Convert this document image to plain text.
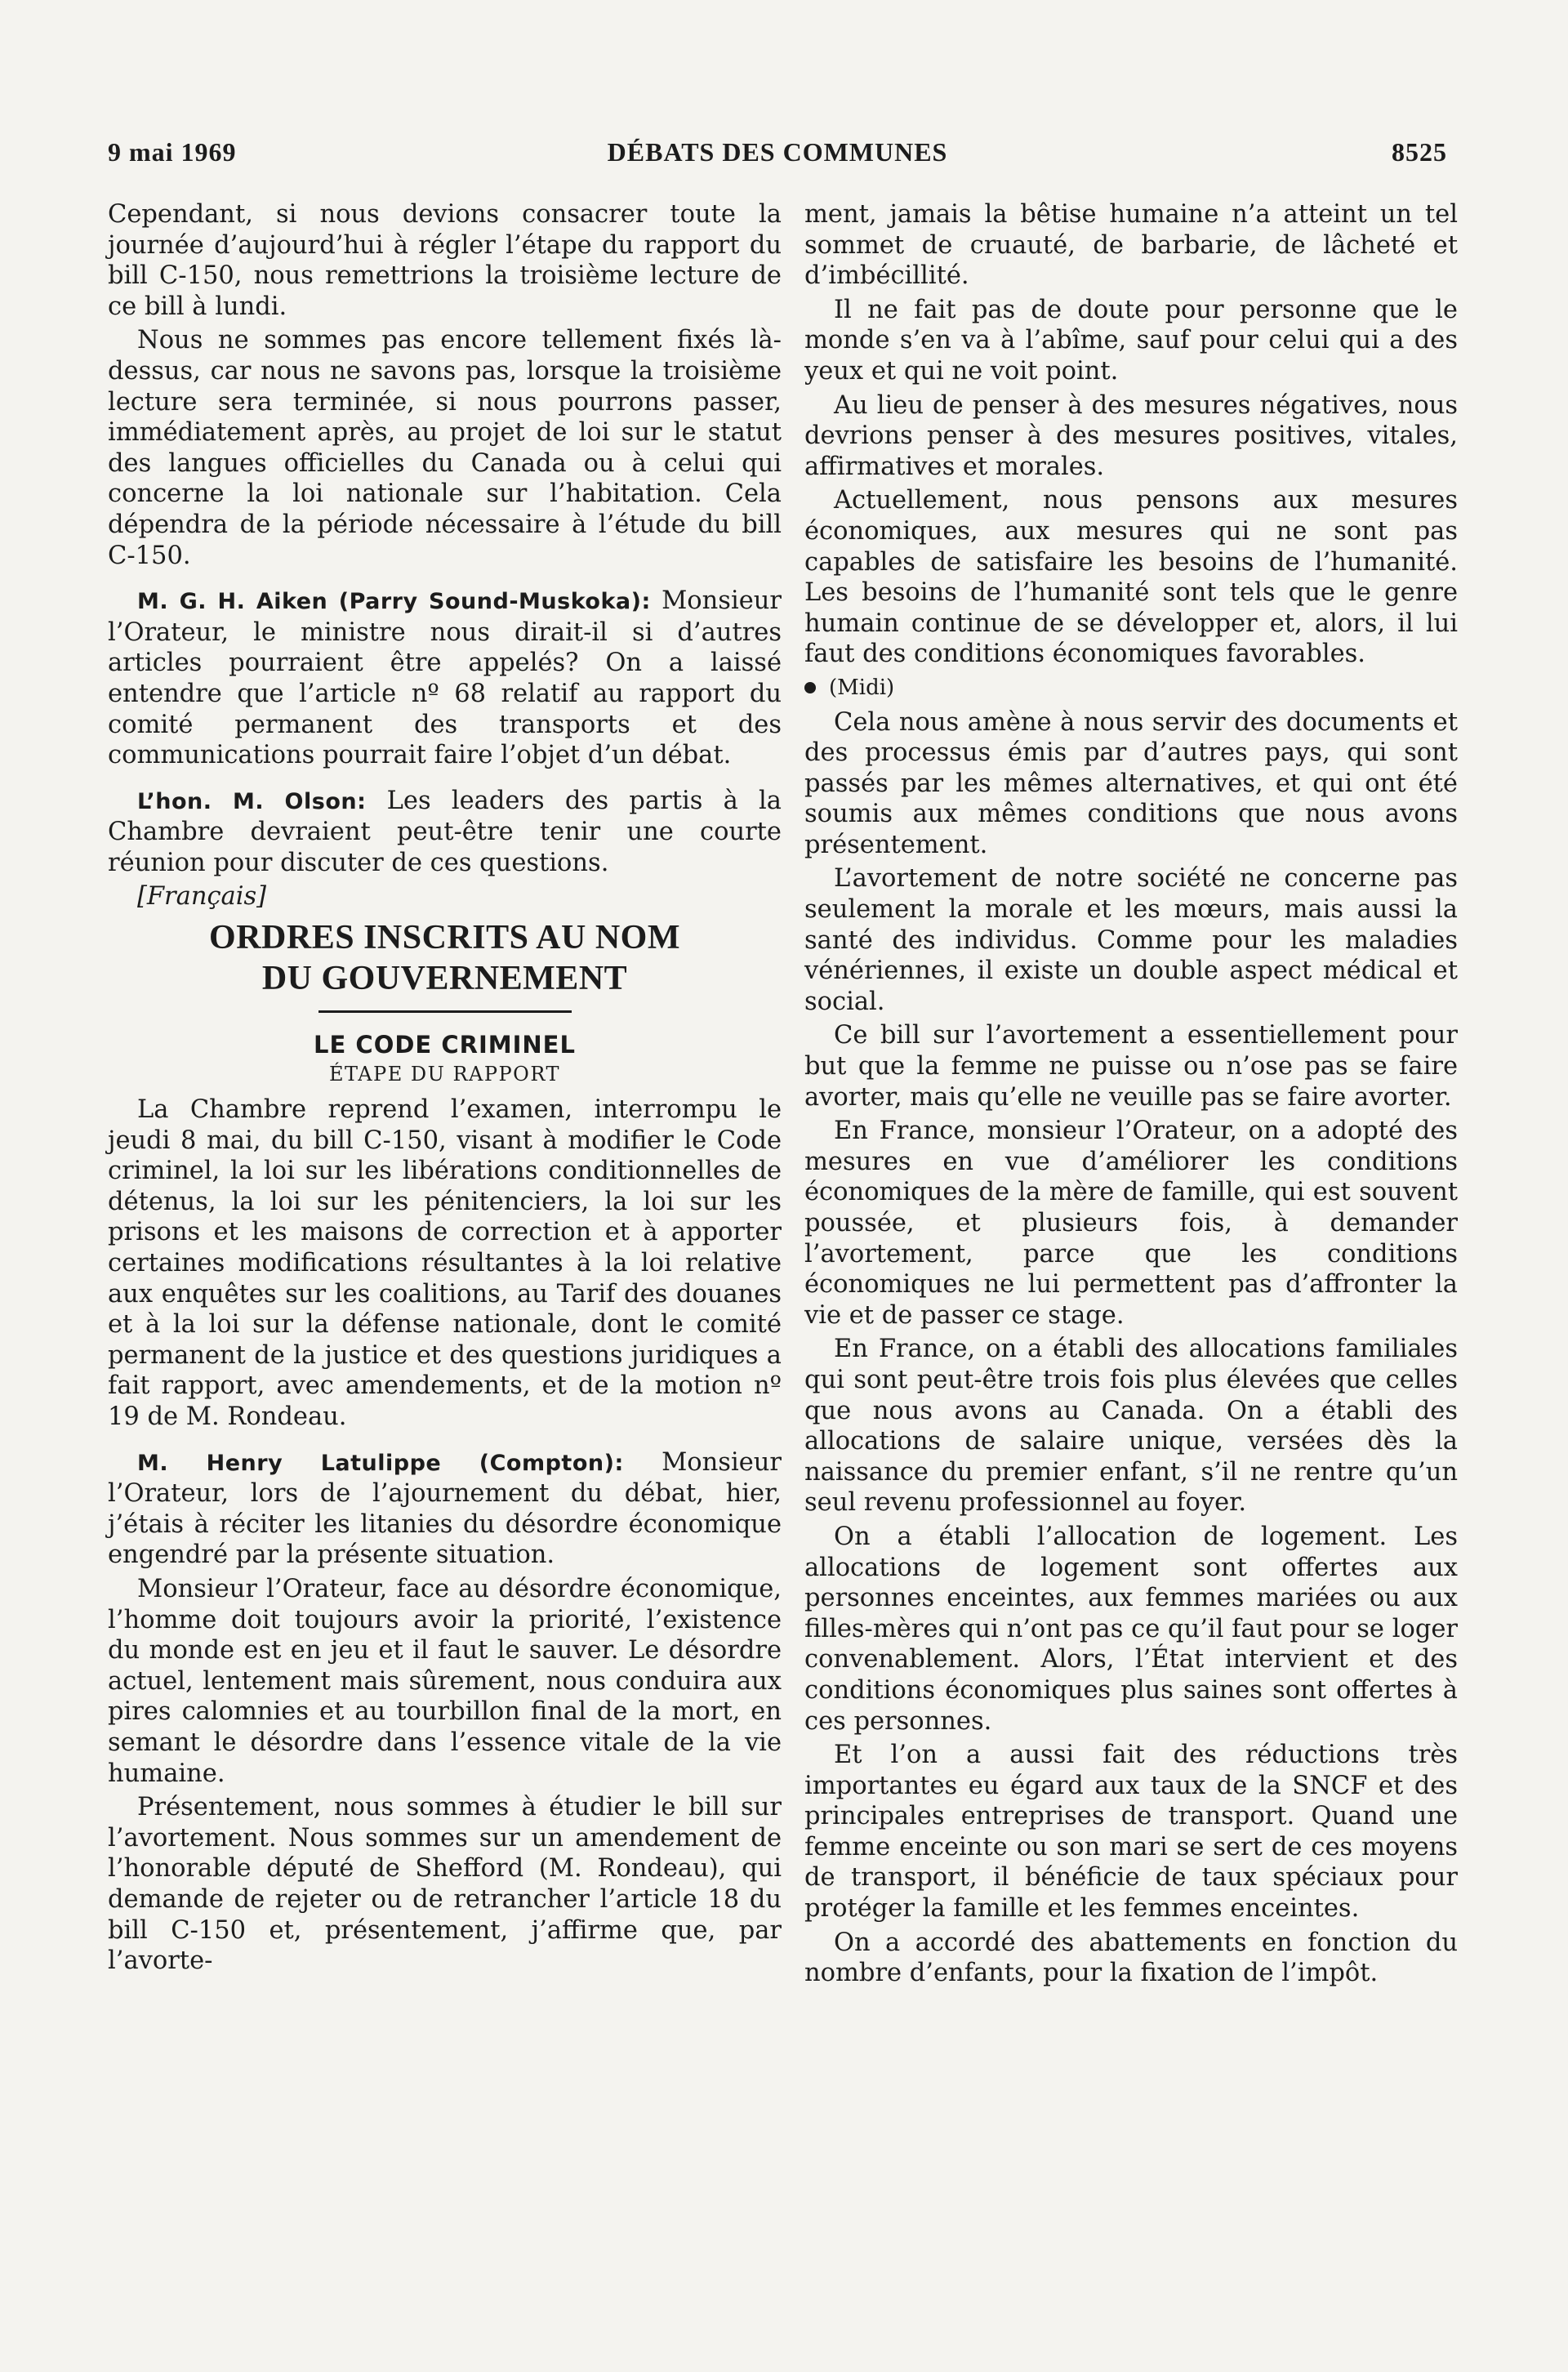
9 mai 1969	DÉBATS DES COMMUNES	8525

Cependant, si nous devions consacrer toute la journée d’aujourd’hui à régler l’étape du rapport du bill C-150, nous remettrions la troisième lecture de ce bill à lundi.

Nous ne sommes pas encore tellement fixés là-dessus, car nous ne savons pas, lorsque la troisième lecture sera terminée, si nous pourrons passer, immédiatement après, au projet de loi sur le statut des langues officielles du Canada ou à celui qui concerne la loi nationale sur l’habitation. Cela dépendra de la période nécessaire à l’étude du bill C-150.

M. G. H. Aiken (Parry Sound-Muskoka): Monsieur l’Orateur, le ministre nous dirait-il si d’autres articles pourraient être appelés? On a laissé entendre que l’article nº 68 relatif au rapport du comité permanent des transports et des communications pourrait faire l’objet d’un débat.

L’hon. M. Olson: Les leaders des partis à la Chambre devraient peut-être tenir une courte réunion pour discuter de ces questions.

[Français]

ORDRES INSCRITS AU NOM
DU GOUVERNEMENT
LE CODE CRIMINEL
ÉTAPE DU RAPPORT

La Chambre reprend l’examen, interrompu le jeudi 8 mai, du bill C-150, visant à modifier le Code criminel, la loi sur les libérations conditionnelles de détenus, la loi sur les pénitenciers, la loi sur les prisons et les maisons de correction et à apporter certaines modifications résultantes à la loi relative aux enquêtes sur les coalitions, au Tarif des douanes et à la loi sur la défense nationale, dont le comité permanent de la justice et des questions juridiques a fait rapport, avec amendements, et de la motion nº 19 de M. Rondeau.

M. Henry Latulippe (Compton): Monsieur l’Orateur, lors de l’ajournement du débat, hier, j’étais à réciter les litanies du désordre économique engendré par la présente situation.

Monsieur l’Orateur, face au désordre économique, l’homme doit toujours avoir la priorité, l’existence du monde est en jeu et il faut le sauver. Le désordre actuel, lentement mais sûrement, nous conduira aux pires calomnies et au tourbillon final de la mort, en semant le désordre dans l’essence vitale de la vie humaine.

Présentement, nous sommes à étudier le bill sur l’avortement. Nous sommes sur un amendement de l’honorable député de Shefford (M. Rondeau), qui demande de rejeter ou de retrancher l’article 18 du bill C-150 et, présentement, j’affirme que, par l’avorte-

ment, jamais la bêtise humaine n’a atteint un tel sommet de cruauté, de barbarie, de lâcheté et d’imbécillité.

Il ne fait pas de doute pour personne que le monde s’en va à l’abîme, sauf pour celui qui a des yeux et qui ne voit point.

Au lieu de penser à des mesures négatives, nous devrions penser à des mesures positives, vitales, affirmatives et morales.

Actuellement, nous pensons aux mesures économiques, aux mesures qui ne sont pas capables de satisfaire les besoins de l’humanité. Les besoins de l’humanité sont tels que le genre humain continue de se développer et, alors, il lui faut des conditions économiques favorables.

(Midi)

Cela nous amène à nous servir des documents et des processus émis par d’autres pays, qui sont passés par les mêmes alternatives, et qui ont été soumis aux mêmes conditions que nous avons présentement.

L’avortement de notre société ne concerne pas seulement la morale et les mœurs, mais aussi la santé des individus. Comme pour les maladies vénériennes, il existe un double aspect médical et social.

Ce bill sur l’avortement a essentiellement pour but que la femme ne puisse ou n’ose pas se faire avorter, mais qu’elle ne veuille pas se faire avorter.

En France, monsieur l’Orateur, on a adopté des mesures en vue d’améliorer les conditions économiques de la mère de famille, qui est souvent poussée, et plusieurs fois, à demander l’avortement, parce que les conditions économiques ne lui permettent pas d’affronter la vie et de passer ce stage.

En France, on a établi des allocations familiales qui sont peut-être trois fois plus élevées que celles que nous avons au Canada. On a établi des allocations de salaire unique, versées dès la naissance du premier enfant, s’il ne rentre qu’un seul revenu professionnel au foyer.

On a établi l’allocation de logement. Les allocations de logement sont offertes aux personnes enceintes, aux femmes mariées ou aux filles-mères qui n’ont pas ce qu’il faut pour se loger convenablement. Alors, l’État intervient et des conditions économiques plus saines sont offertes à ces personnes.

Et l’on a aussi fait des réductions très importantes eu égard aux taux de la SNCF et des principales entreprises de transport. Quand une femme enceinte ou son mari se sert de ces moyens de transport, il bénéficie de taux spéciaux pour protéger la famille et les femmes enceintes.

On a accordé des abattements en fonction du nombre d’enfants, pour la fixation de l’impôt.
